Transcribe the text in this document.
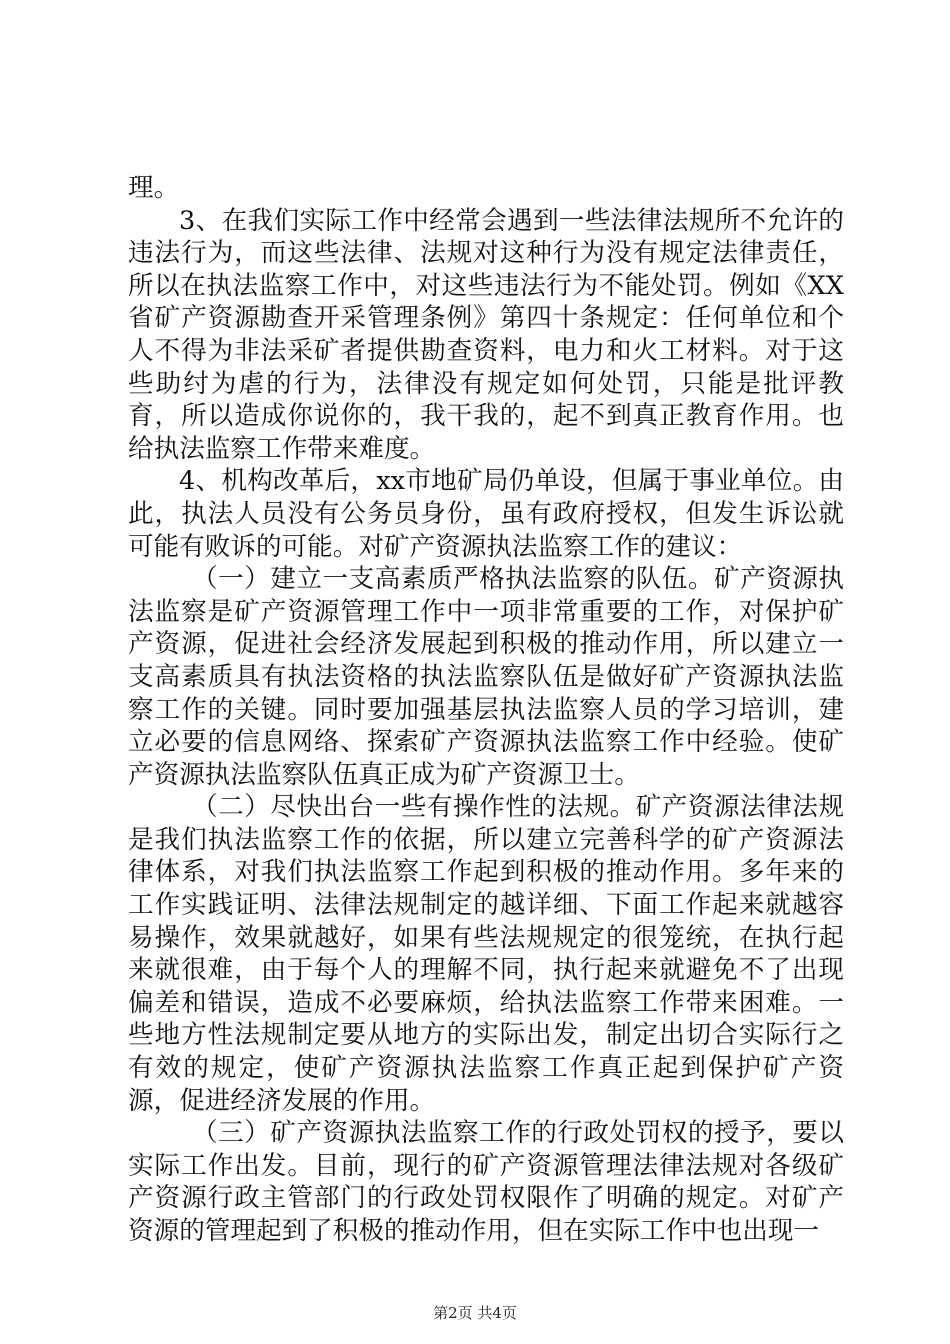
理。

3、在我们实际工作中经常会遇到一些法律法规所不允许的违法行为，而这些法律、法规对这种行为没有规定法律责任，所以在执法监察工作中，对这些违法行为不能处罚。例如《XX省矿产资源勘查开采管理条例》第四十条规定：任何单位和个人不得为非法采矿者提供勘查资料，电力和火工材料。对于这些助纣为虐的行为，法律没有规定如何处罚，只能是批评教育，所以造成你说你的，我干我的，起不到真正教育作用。也给执法监察工作带来难度。

4、机构改革后，xx市地矿局仍单设，但属于事业单位。由此，执法人员没有公务员身份，虽有政府授权，但发生诉讼就可能有败诉的可能。对矿产资源执法监察工作的建议：

（一）建立一支高素质严格执法监察的队伍。矿产资源执法监察是矿产资源管理工作中一项非常重要的工作，对保护矿产资源，促进社会经济发展起到积极的推动作用，所以建立一支高素质具有执法资格的执法监察队伍是做好矿产资源执法监察工作的关键。同时要加强基层执法监察人员的学习培训，建立必要的信息网络、探索矿产资源执法监察工作中经验。使矿产资源执法监察队伍真正成为矿产资源卫士。

（二）尽快出台一些有操作性的法规。矿产资源法律法规是我们执法监察工作的依据，所以建立完善科学的矿产资源法律体系，对我们执法监察工作起到积极的推动作用。多年来的工作实践证明、法律法规制定的越详细、下面工作起来就越容易操作，效果就越好，如果有些法规规定的很笼统，在执行起来就很难，由于每个人的理解不同，执行起来就避免不了出现偏差和错误，造成不必要麻烦，给执法监察工作带来困难。一些地方性法规制定要从地方的实际出发，制定出切合实际行之有效的规定，使矿产资源执法监察工作真正起到保护矿产资源，促进经济发展的作用。

（三）矿产资源执法监察工作的行政处罚权的授予，要以实际工作出发。目前，现行的矿产资源管理法律法规对各级矿产资源行政主管部门的行政处罚权限作了明确的规定。对矿产资源的管理起到了积极的推动作用，但在实际工作中也出现一

第2页 共4页
